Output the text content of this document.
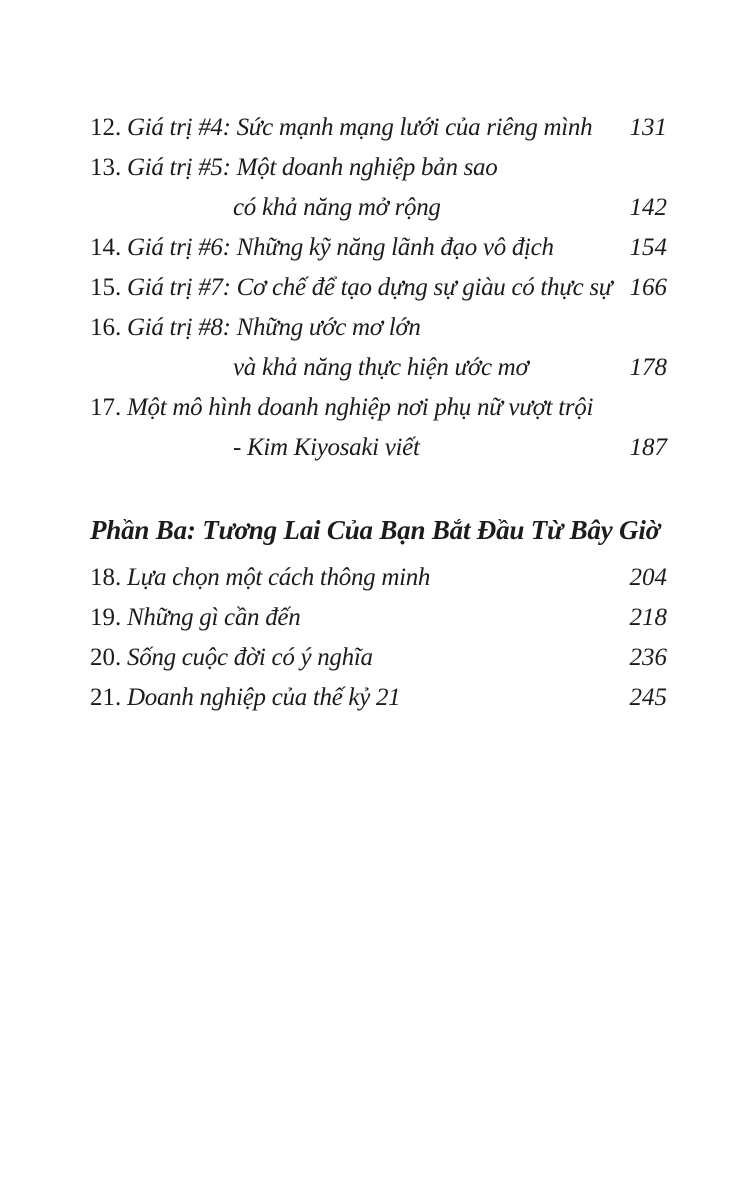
12. Giá trị #4: Sức mạnh mạng lưới của riêng mình 131
13. Giá trị #5: Một doanh nghiệp bản sao
có khả năng mở rộng	142
14. Giá trị #6: Những kỹ năng lãnh đạo vô địch	154
15. Giá trị #7: Cơ chế để tạo dựng sự giàu có thực sự 166
16. Giá trị #8: Những ước mơ lớn
và khả năng thực hiện ước mơ	178
17. Một mô hình doanh nghiệp nơi phụ nữ vượt trội
- Kim Kiyosaki viết	187
Phần Ba: Tương Lai Của Bạn Bắt Đầu Từ Bây Giờ
18. Lựa chọn một cách thông minh	204
19. Những gì cần đến	218
20. Sống cuộc đời có ý nghĩa	236
21. Doanh nghiệp của thế kỷ 21	245
